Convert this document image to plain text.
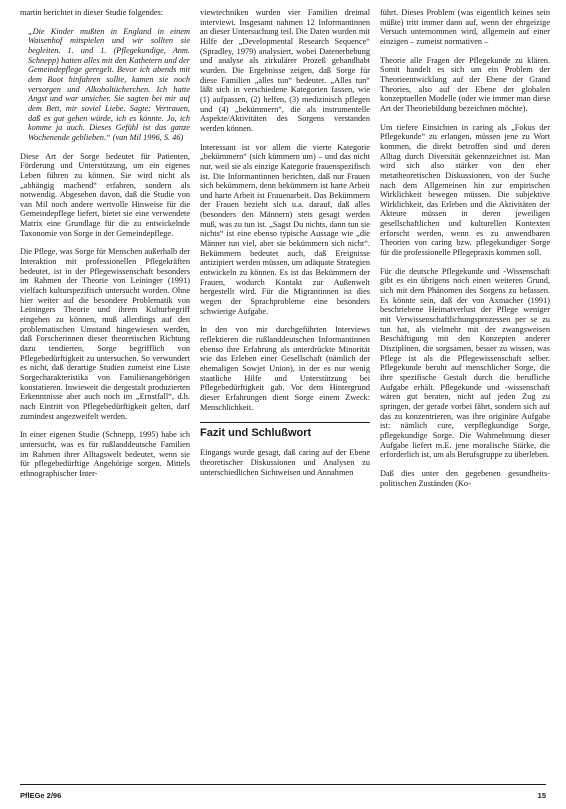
martin berichtet in dieser Studie folgendes:

„Die Kinder mußten in England in einem Waisenhof mitspielen und wir sollten sie begleiten. 1. und 1. (Pflegekundige, Anm. Schnepp) hatten alles mit den Kathetern und der Gemeindepflege geregelt. Bevor ich abends mit dem Boot hinfahren sollte, kamen sie noch versorgen und Alkoholtücherchen. Ich hatte Angst und war unsicher. Sie sagten bei mir auf dem Bett, mir soviel Liebe. Sagte: Vertrauen, daß es gut gehen würde, ich es könnte. Jo, ich komme ja auch. Dieses Gefühl ist das ganze Wochenende geblieben.“ (van Mil 1996, S. 46)

Diese Art der Sorge bedeutet für Patienten, Förderung und Unterstützung, um ein eigenes Leben führen zu können. Sie wird nicht als „abhängig machend“ erfahren, sondern als notwendig. Abgesehen davon, daß die Studie von van Mil noch andere wertvolle Hinweise für die Gemeindepflege liefert, bietet sie eine verwendete Matrix eine Grundlage für die zu entwickelnde Taxonomie von Sorge in der Gemeindepflege.

Die Pflege, was Sorge für Menschen außerhalb der Interaktion mit professionellen Pflegekräften bedeutet, ist in der Pflegewissenschaft besonders im Rahmen der Theorie von Leininger (1991) vielfach kulturspezifisch untersucht worden. Ohne hier weiter auf die besondere Problematik von Leiningers Theorie und ihrem Kulturbegriff eingehen zu können, muß allerdings auf den problematischen Umstand hingewiesen werden, daß Forscherinnen dieser theoretischen Richtung dazu tendierten, Sorge begrifflich von Pflegebedürftigkeit zu untersuchen. So verwundert es nicht, daß derartige Studien zumeist eine Liste Sorgecharakteristika von Familienangehörigen konstatieren. Inwieweit die dergestalt produzierten Erkenntnisse aber auch noch im „Ernstfall“, d.h. nach Eintritt von Pflegebedürftigkeit gelten, darf zumindest angezweifelt werden.

In einer eigenen Studie (Schnepp, 1995) habe ich untersucht, was es für rußlanddeutsche Familien im Rahmen ihrer Alltagswelt bedeutet, wenn sie für pflegebedürftige Angehörige sorgen. Mittels ethnographischer Inter-

viewtechniken wurden vier Familien dreimal interviewt. Insgesamt nahmen 12 Informantinnen an dieser Untersuchung teil. Die Daten wurden mit Hilfe der „Developmental Research Sequence“ (Spradley, 1979) analysiert, wobei Datenerhebung und analyse als zirkulärer Prozeß gehandhabt wurden. Die Ergebnisse zeigen, daß Sorge für diese Familien „alles tun“ bedeutet. „Alles tun“ läßt sich in verschiedene Kategorien fassen, wie (1) aufpassen, (2) helfen, (3) medizinisch pflegen und (4) „bekümmern“, die als instrumentelle Aspekte/Aktivitäten des Sorgens verstanden werden können.

Interessant ist vor allem die vierte Kategorie „bekümmern“ (sich kümmern um) – und das nicht nur, weil sie als einzige Kategorie frauenspezifisch ist. Die Informantinnen berichten, daß nur Frauen sich bekümmern, denn bekümmern ist harte Arbeit und harte Arbeit ist Frauenarbeit. Das Bekümmern der Frauen bezieht sich u.a. darauf, daß alles (besonders den Männern) stets gesagt werden muß, was zu tun ist. „Sagst Du nichts, dann tun sie nichts“ ist eine ebenso typische Aussage wie „die Männer tun viel, aber sie bekümmern sich nicht“. Bekümmern bedeutet auch, daß Ereignisse antizipiert werden müssen, um adäquate Strategien entwickeln zu können. Es ist das Bekümmern der Frauen, wodurch Kontakt zur Außenwelt hergestellt wird. Für die Migrantinnen ist dies wegen der Sprachprobleme eine besonders schwierige Aufgabe.

In den von mir durchgeführten Interviews reflektieren die rußlanddeutschen Informantinnen ebenso ihre Erfahrung als unterdrückte Minorität wie das Erleben einer Gesellschaft (nämlich der ehemaligen Sowjet Union), in der es nur wenig staatliche Hilfe und Unterstützung bei Pflegebedürftigkeit gab. Vor dem Hintergrund dieser Erfahrungen dient Sorge einem Zweck: Menschlichkeit.

Fazit und Schlußwort

Eingangs wurde gesagt, daß caring auf der Ebene theoretischer Diskussionen und Analysen zu unterschiedlichen Sichtweisen und Annahmen

führt. Dieses Problem (was eigentlich keines sein müßte) tritt immer dann auf, wenn der ehrgeizige Versuch unternommen wird, allgemein auf einer einzigen – zumeist normativen –

Theorie alle Fragen der Pflegekunde zu klären. Somit handelt es sich um ein Problem der Theorieentwicklung auf der Ebene der Grand Theories, also auf der Ebene der globalen konzeptuellen Modelle (oder wie immer man diese Art der Theoriebildung bezeichnen möchte).

Um tiefere Einsichten in caring als „Fokus der Pflegekunde“ zu erlangen, müssen jene zu Wort kommen, die direkt betroffen sind und deren Alltag durch Diversität gekennzeichnet ist. Man wird sich also stärker von den eher metatheoretischen Diskussionen, von der Suche nach dem Allgemeinen hin zur empirischen Wirklichkeit bewegen müssen. Die subjektive Wirklichkeit, das Erleben und die Aktivitäten der Akteure müssen in deren jeweiligen gesellschaftlichen und kulturellen Kontexten erforscht werden, wenn es zu anwendbaren Theorien von caring bzw. pflegekundiger Sorge für die professionelle Pflegepraxis kommen soll.

Für die deutsche Pflegekunde und -Wissenschaft gibt es ein übrigens noch einen weiteren Grund, sich mit dem Phänomen des Sorgens zu befassen. Es könnte sein, daß der von Axmacher (1991) beschriebene Heimatverlust der Pflege weniger mit Verwissenschaftlichungsprozessen per se zu tun hat, als vielmehr mit der zwangsweisen Beschäftigung mit den Konzepten anderer Disziplinen, die sorgsamen, besser zu wissen, was Pflege ist als die Pflegewissenschaft selber. Pflegekunde beruht auf menschlicher Sorge, die ihre spezifische Gestalt durch die berufliche Aufgabe erhält. Pflegekunde und -wissenschaft wären gut beraten, nicht auf jeden Zug zu springen, der gerade vorbei fährt, sondern sich auf das zu konzentrieren, was ihre originäre Aufgabe ist: nämlich cure, verpflegkundige Sorge, pflegekundige Sorge. Die Wahrnehmung dieser Aufgabe liefert m.E. jene moralische Stärke, die erforderlich ist, um als Berufsgruppe zu überleben.

Daß dies unter den gegebenen gesundheits-politischen Zuständen (Ko-

PflEGe 2/96	15
